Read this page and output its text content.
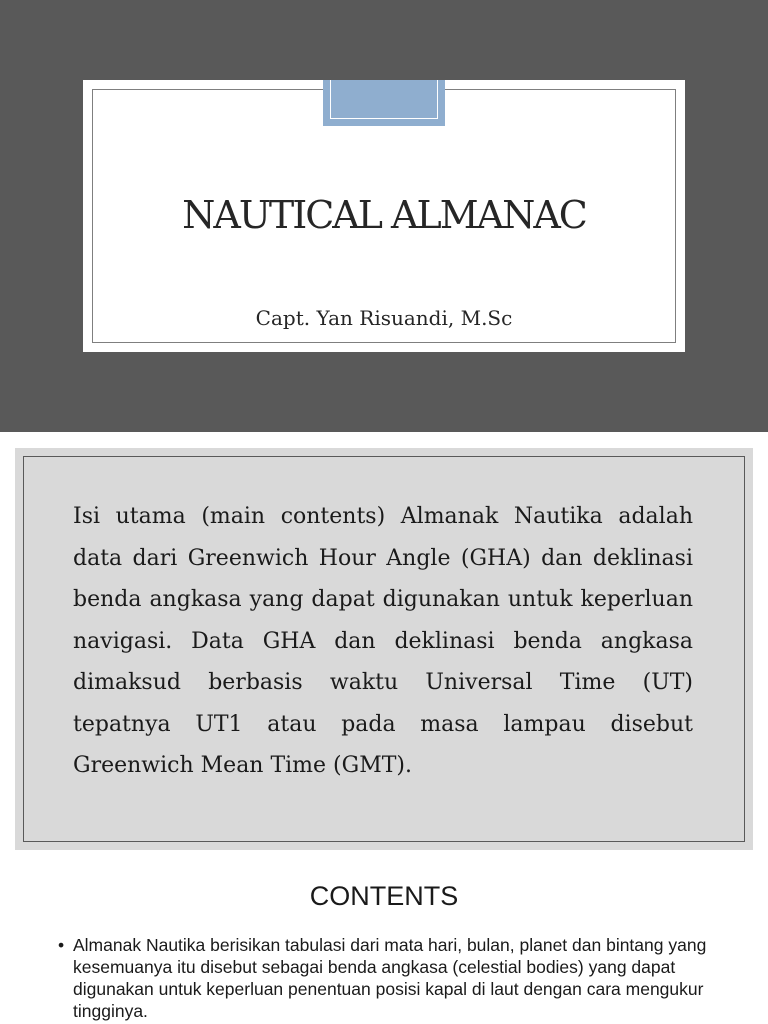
NAUTICAL ALMANAC
Capt. Yan Risuandi, M.Sc

Isi utama (main contents) Almanak Nautika adalah data dari Greenwich Hour Angle (GHA) dan deklinasi benda angkasa yang dapat digunakan untuk keperluan navigasi. Data GHA dan deklinasi benda angkasa dimaksud berbasis waktu Universal Time (UT) tepatnya UT1 atau pada masa lampau disebut Greenwich Mean Time (GMT).

CONTENTS
• Almanak Nautika berisikan tabulasi dari mata hari, bulan, planet dan bintang yang kesemuanya itu disebut sebagai benda angkasa (celestial bodies) yang dapat digunakan untuk keperluan penentuan posisi kapal di laut dengan cara mengukur tingginya.
